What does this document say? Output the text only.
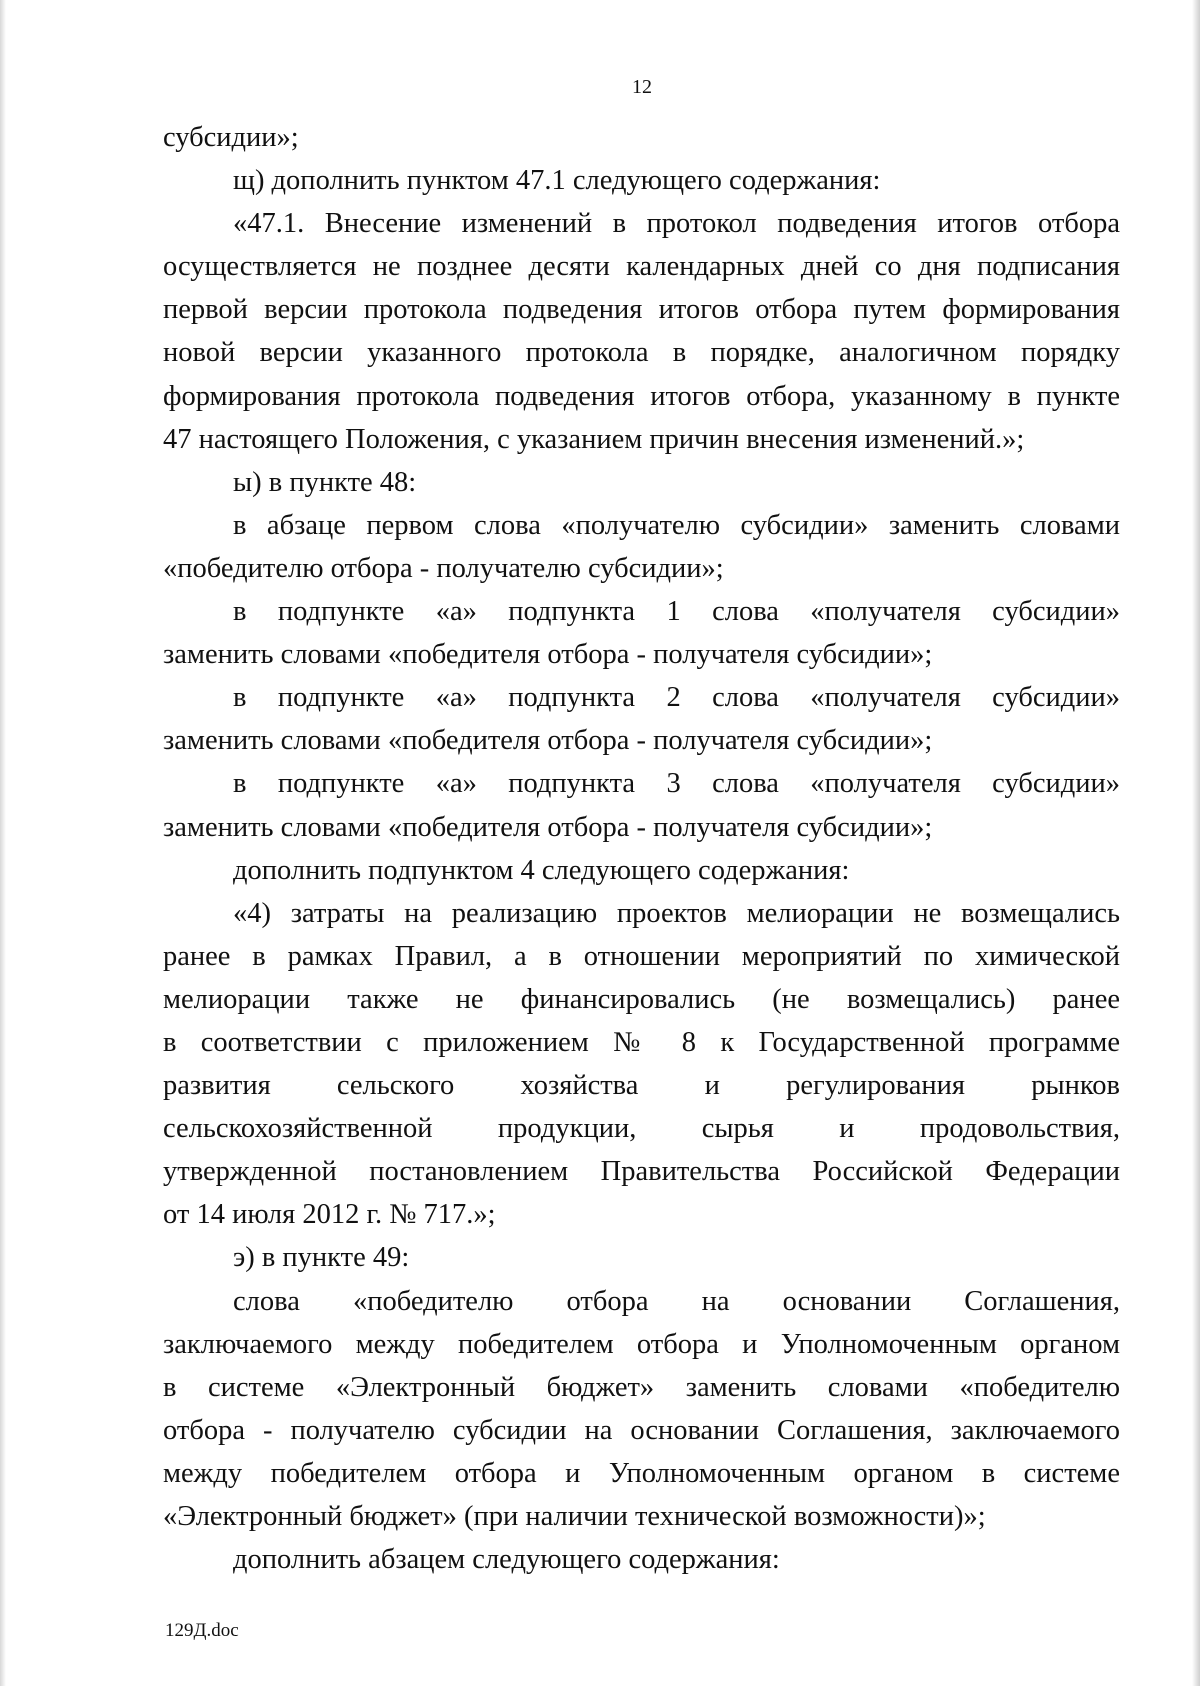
12
субсидии»;
щ) дополнить пунктом 47.1 следующего содержания:
«47.1. Внесение изменений в протокол подведения итогов отбора
осуществляется не позднее десяти календарных дней со дня подписания
первой версии протокола подведения итогов отбора путем формирования
новой версии указанного протокола в порядке, аналогичном порядку
формирования протокола подведения итогов отбора, указанному в пункте
47 настоящего Положения, с указанием причин внесения изменений.»;
ы) в пункте 48:
в абзаце первом слова «получателю субсидии» заменить словами
«победителю отбора - получателю субсидии»;
в подпункте «а» подпункта 1 слова «получателя субсидии»
заменить словами «победителя отбора - получателя субсидии»;
в подпункте «а» подпункта 2 слова «получателя субсидии»
заменить словами «победителя отбора - получателя субсидии»;
в подпункте «а» подпункта 3 слова «получателя субсидии»
заменить словами «победителя отбора - получателя субсидии»;
дополнить подпунктом 4 следующего содержания:
«4) затраты на реализацию проектов мелиорации не возмещались
ранее в рамках Правил, а в отношении мероприятий по химической
мелиорации также не финансировались (не возмещались) ранее
в соответствии с приложением № 8 к Государственной программе
развития сельского хозяйства и регулирования рынков
сельскохозяйственной продукции, сырья и продовольствия,
утвержденной постановлением Правительства Российской Федерации
от 14 июля 2012 г. № 717.»;
э) в пункте 49:
слова «победителю отбора на основании Соглашения,
заключаемого между победителем отбора и Уполномоченным органом
в системе «Электронный бюджет» заменить словами «победителю
отбора - получателю субсидии на основании Соглашения, заключаемого
между победителем отбора и Уполномоченным органом в системе
«Электронный бюджет» (при наличии технической возможности)»;
дополнить абзацем следующего содержания:
129Д.doc
